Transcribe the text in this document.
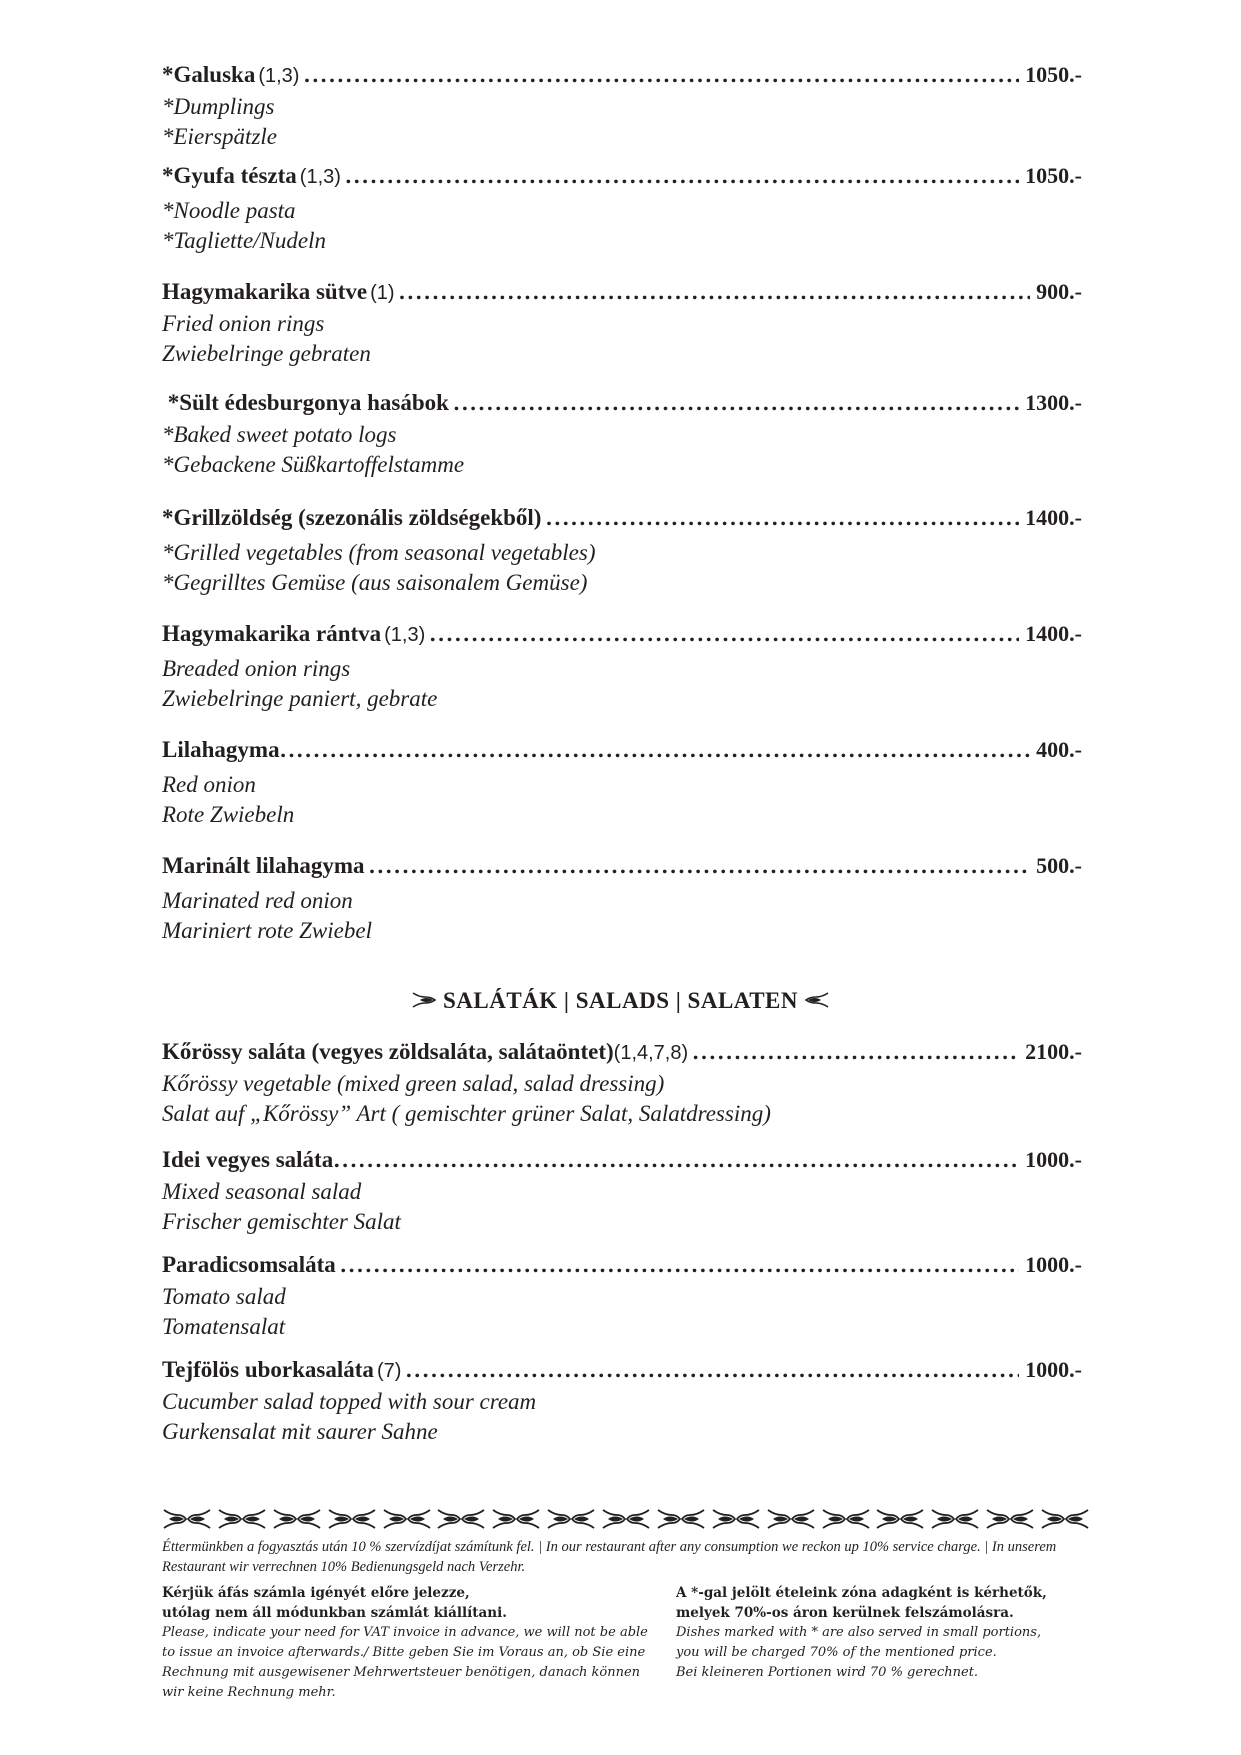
*Galuska (1,3) .....	1050.-
*Dumplings
*Eierspätzle
*Gyufa tészta (1,3) .....	1050.-
*Noodle pasta
*Tagliette/Nudeln
Hagymakarika sütve (1) .....	900.-
Fried onion rings
Zwiebelringe gebraten
*Sült édesburgonya hasábok .....	1300.-
*Baked sweet potato logs
*Gebackene Süßkartoffelstamme
*Grillzöldség (szezonális zöldségekből) .....	1400.-
*Grilled vegetables (from seasonal vegetables)
*Gegrilltes Gemüse (aus saisonalem Gemüse)
Hagymakarika rántva (1,3) .....	1400.-
Breaded onion rings
Zwiebelringe paniert, gebrate
Lilahagyma .....	400.-
Red onion
Rote Zwiebeln
Marinált lilahagyma .....	500.-
Marinated red onion
Mariniert rote Zwiebel
SALÁTÁK | SALADS | SALATEN
Kőrössy saláta (vegyes zöldsaláta, salátaöntet) (1,4,7,8) .....	2100.-
Kőrössy vegetable (mixed green salad, salad dressing)
Salat auf „Kőrössy” Art ( gemischter grüner Salat, Salatdressing)
Idei vegyes saláta .....	1000.-
Mixed seasonal salad
Frischer gemischter Salat
Paradicsomsaláta .....	1000.-
Tomato salad
Tomatensalat
Tejfölös uborkasaláta (7) .....	1000.-
Cucumber salad topped with sour cream
Gurkensalat mit saurer Sahne
Éttermünkben a fogyasztás után 10 % szervízdíjat számítunk fel. | In our restaurant after any consumption we reckon up 10% service charge. | In unserem Restaurant wir verrechnen 10% Bedienungsgeld nach Verzehr.
Kérjük áfás számla igényét előre jelezze,
utólag nem áll módunkban számlát kiállítani.
Please, indicate your need for VAT invoice in advance, we will not be able to issue an invoice afterwards./ Bitte geben Sie im Voraus an, ob Sie eine Rechnung mit ausgewisener Mehrwertsteuer benötigen, danach können wir keine Rechnung mehr.
A *-gal jelölt ételeink zóna adagként is kérhetők,
melyek 70%-os áron kerülnek felszámolásra.
Dishes marked with * are also served in small portions,
you will be charged 70% of the mentioned price.
Bei kleineren Portionen wird 70 % gerechnet.
